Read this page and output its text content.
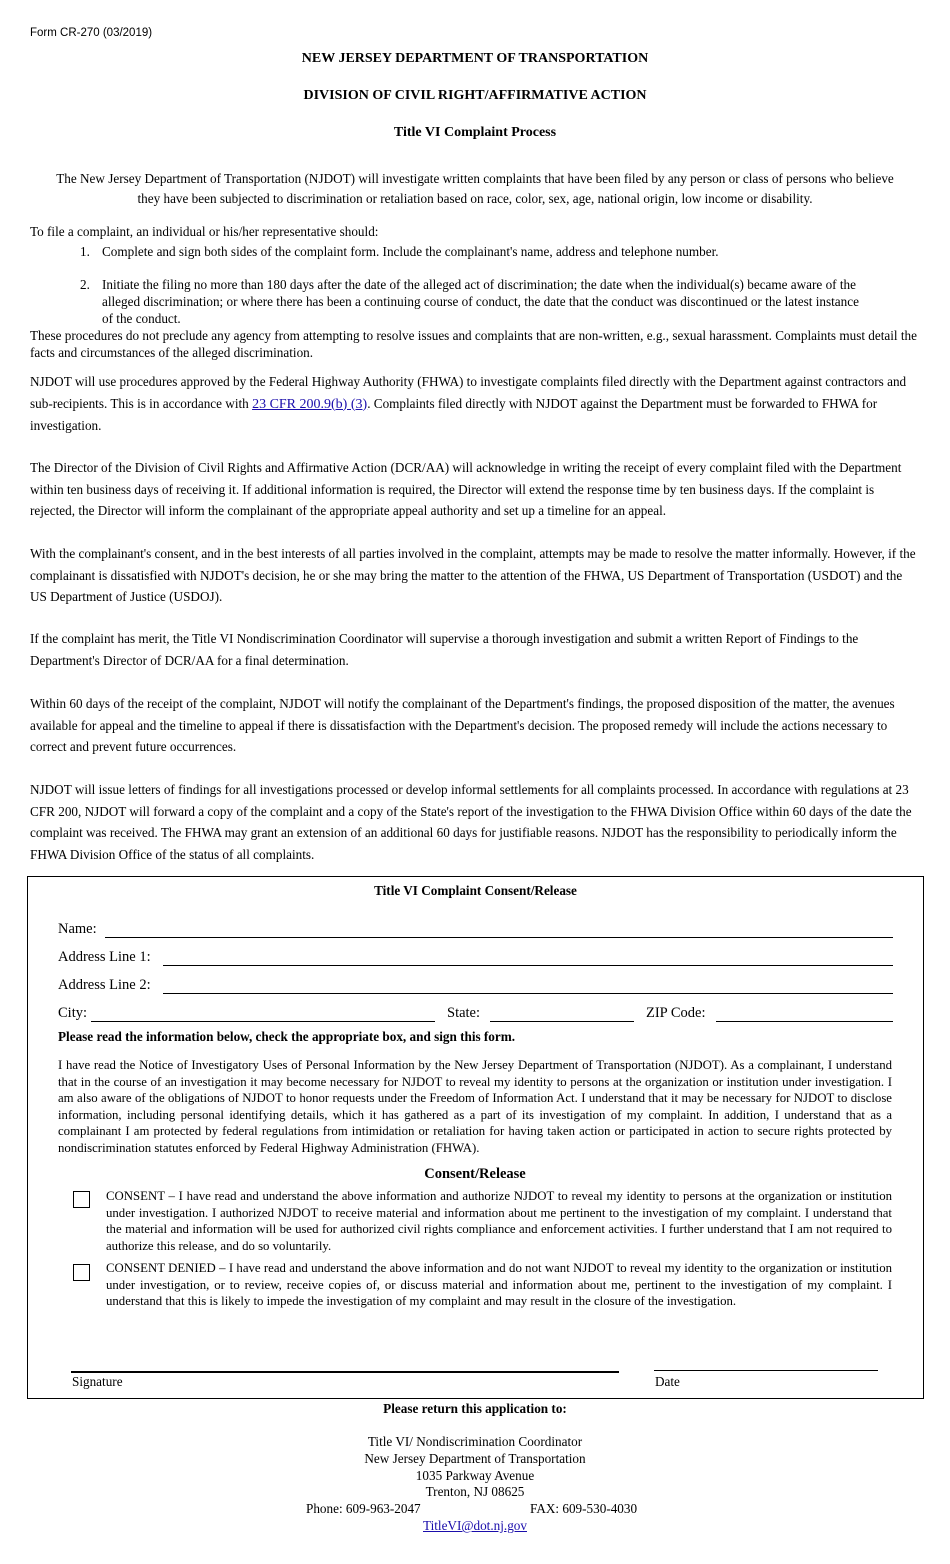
Form CR-270 (03/2019)
NEW JERSEY DEPARTMENT OF TRANSPORTATION
DIVISION OF CIVIL RIGHT/AFFIRMATIVE ACTION
Title VI Complaint Process
The New Jersey Department of Transportation (NJDOT) will investigate written complaints that have been filed by any person or class of persons who believe
they have been subjected to discrimination or retaliation based on race, color, sex, age, national origin, low income or disability.
To file a complaint, an individual or his/her representative should:
1. Complete and sign both sides of the complaint form. Include the complainant's name, address and telephone number.
2. Initiate the filing no more than 180 days after the date of the alleged act of discrimination; the date when the individual(s) became aware of the alleged discrimination; or where there has been a continuing course of conduct, the date that the conduct was discontinued or the latest instance of the conduct.
These procedures do not preclude any agency from attempting to resolve issues and complaints that are non-written, e.g., sexual harassment. Complaints must detail the facts and circumstances of the alleged discrimination.
NJDOT will use procedures approved by the Federal Highway Authority (FHWA) to investigate complaints filed directly with the Department against contractors and sub-recipients. This is in accordance with 23 CFR 200.9(b) (3). Complaints filed directly with NJDOT against the Department must be forwarded to FHWA for investigation.
The Director of the Division of Civil Rights and Affirmative Action (DCR/AA) will acknowledge in writing the receipt of every complaint filed with the Department within ten business days of receiving it. If additional information is required, the Director will extend the response time by ten business days. If the complaint is rejected, the Director will inform the complainant of the appropriate appeal authority and set up a timeline for an appeal.
With the complainant's consent, and in the best interests of all parties involved in the complaint, attempts may be made to resolve the matter informally. However, if the complainant is dissatisfied with NJDOT's decision, he or she may bring the matter to the attention of the FHWA, US Department of Transportation (USDOT) and the US Department of Justice (USDOJ).
If the complaint has merit, the Title VI Nondiscrimination Coordinator will supervise a thorough investigation and submit a written Report of Findings to the Department's Director of DCR/AA for a final determination.
Within 60 days of the receipt of the complaint, NJDOT will notify the complainant of the Department's findings, the proposed disposition of the matter, the avenues available for appeal and the timeline to appeal if there is dissatisfaction with the Department's decision. The proposed remedy will include the actions necessary to correct and prevent future occurrences.
NJDOT will issue letters of findings for all investigations processed or develop informal settlements for all complaints processed. In accordance with regulations at 23 CFR 200, NJDOT will forward a copy of the complaint and a copy of the State's report of the investigation to the FHWA Division Office within 60 days of the date the complaint was received. The FHWA may grant an extension of an additional 60 days for justifiable reasons. NJDOT has the responsibility to periodically inform the FHWA Division Office of the status of all complaints.
Title VI Complaint Consent/Release
Name:
Address Line 1:
Address Line 2:
City:	State:	ZIP Code:
Please read the information below, check the appropriate box, and sign this form.
I have read the Notice of Investigatory Uses of Personal Information by the New Jersey Department of Transportation (NJDOT). As a complainant, I understand that in the course of an investigation it may become necessary for NJDOT to reveal my identity to persons at the organization or institution under investigation. I am also aware of the obligations of NJDOT to honor requests under the Freedom of Information Act. I understand that it may be necessary for NJDOT to disclose information, including personal identifying details, which it has gathered as a part of its investigation of my complaint. In addition, I understand that as a complainant I am protected by federal regulations from intimidation or retaliation for having taken action or participated in action to secure rights protected by nondiscrimination statutes enforced by Federal Highway Administration (FHWA).
Consent/Release
CONSENT – I have read and understand the above information and authorize NJDOT to reveal my identity to persons at the organization or institution under investigation. I authorized NJDOT to receive material and information about me pertinent to the investigation of my complaint. I understand that the material and information will be used for authorized civil rights compliance and enforcement activities. I further understand that I am not required to authorize this release, and do so voluntarily.
CONSENT DENIED – I have read and understand the above information and do not want NJDOT to reveal my identity to the organization or institution under investigation, or to review, receive copies of, or discuss material and information about me, pertinent to the investigation of my complaint. I understand that this is likely to impede the investigation of my complaint and may result in the closure of the investigation.
Signature	Date
Please return this application to:
Title VI/ Nondiscrimination Coordinator
New Jersey Department of Transportation
1035 Parkway Avenue
Trenton, NJ 08625
Phone: 609-963-2047	FAX: 609-530-4030
TitleVI@dot.nj.gov
